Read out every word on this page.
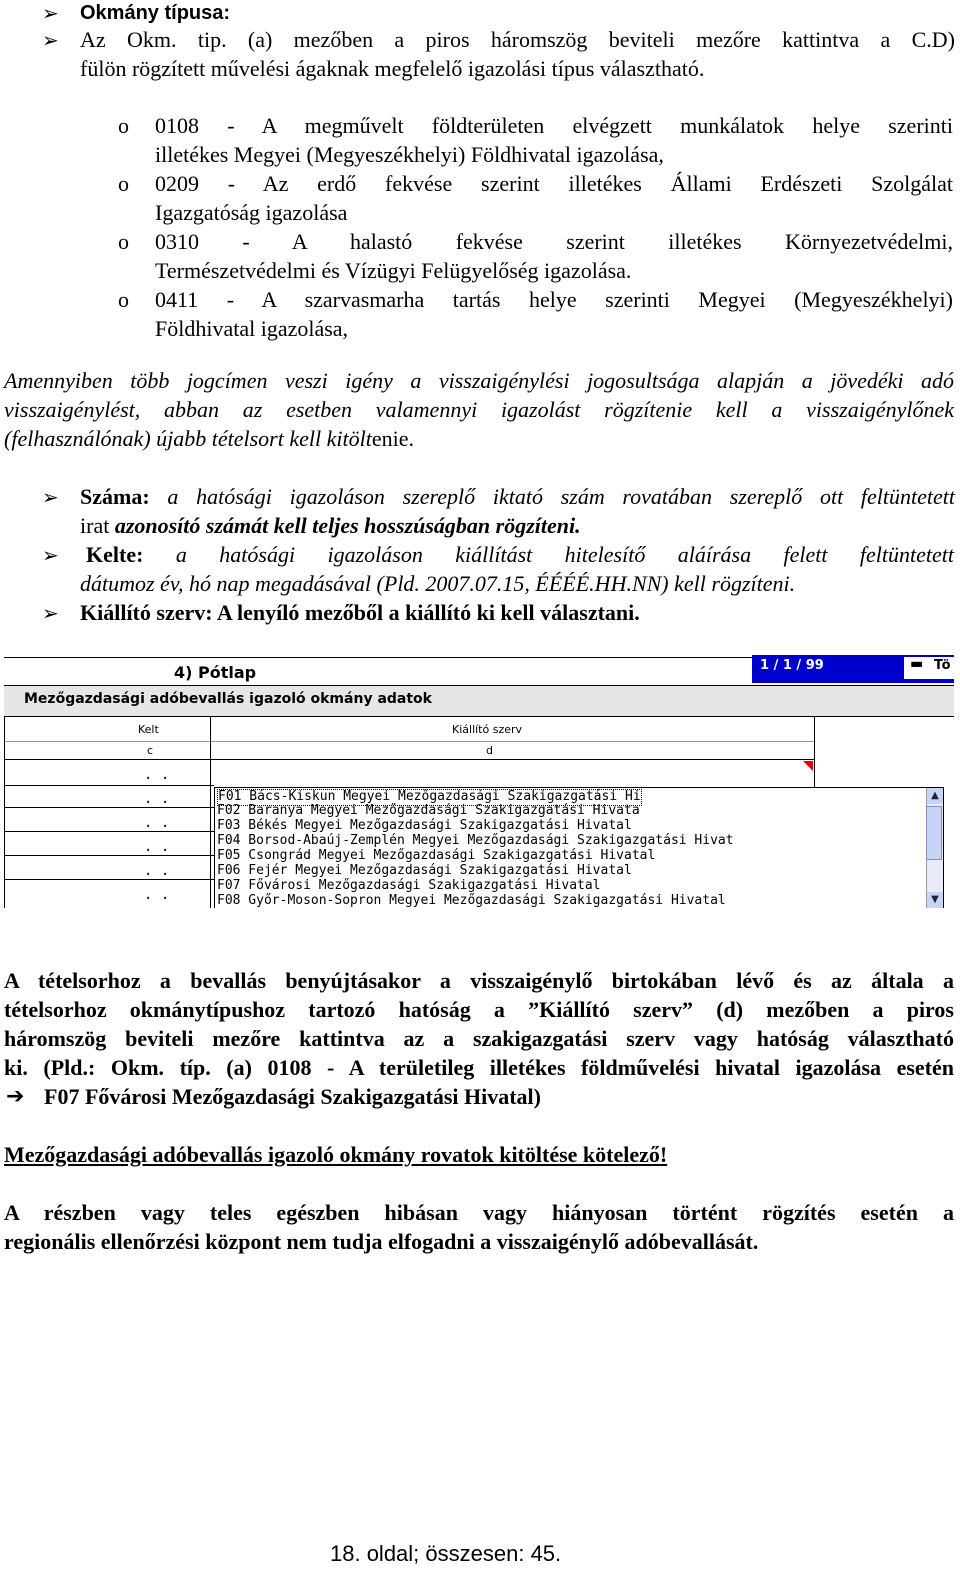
➢ Okmány típusa:
➢ Az Okm. tip. (a) mezőben a piros háromszög beviteli mezőre kattintva a C.D)
fülön rögzített művelési ágaknak megfelelő igazolási típus választható.
o 0108 - A megművelt földterületen elvégzett munkálatok helye szerinti
illetékes Megyei (Megyeszékhelyi) Földhivatal igazolása,
o 0209 - Az erdő fekvése szerint illetékes Állami Erdészeti Szolgálat
Igazgatóság igazolása
o 0310 - A halastó fekvése szerint illetékes Környezetvédelmi,
Természetvédelmi és Vízügyi Felügyelőség igazolása.
o 0411 - A szarvasmarha tartás helye szerinti Megyei (Megyeszékhelyi)
Földhivatal igazolása,
Amennyiben több jogcímen veszi igény a visszaigénylési jogosultsága alapján a jövedéki adó
visszaigénylést, abban az esetben valamennyi igazolást rögzítenie kell a visszaigénylőnek
(felhasználónak) újabb tételsort kell kitöltenie.
➢ Száma: a hatósági igazoláson szereplő iktató szám rovatában szereplő ott feltüntetett
irat azonosító számát kell teljes hosszúságban rögzíteni.
➢ Kelte: a hatósági igazoláson kiállítást hitelesítő aláírása felett feltüntetett
dátumoz év, hó nap megadásával (Pld. 2007.07.15, ÉÉÉÉ.HH.NN) kell rögzíteni.
➢ Kiállító szerv: A lenyíló mezőből a kiállító ki kell választani.
1 / 1 / 99	▬ Tö
4) Pótlap
Mezőgazdasági adóbevallás igazoló okmány adatok
Kelt	Kiállító szerv
c	d
. .
. .
. .
. .
. .
. .
F01 Bács-Kiskun Megyei Mezőgazdasági Szakigazgatási Hi
F02 Baranya Megyei Mezőgazdasági Szakigazgatási Hivata
F03 Békés Megyei Mezőgazdasági Szakigazgatási Hivatal
F04 Borsod-Abaúj-Zemplén Megyei Mezőgazdasági Szakigazgatási Hivat
F05 Csongrád Megyei Mezőgazdasági Szakigazgatási Hivatal
F06 Fejér Megyei Mezőgazdasági Szakigazgatási Hivatal
F07 Fővárosi Mezőgazdasági Szakigazgatási Hivatal
F08 Győr-Moson-Sopron Megyei Mezőgazdasági Szakigazgatási Hivatal
▲
▼
A tételsorhoz a bevallás benyújtásakor a visszaigénylő birtokában lévő és az általa a
tételsorhoz okmánytípushoz tartozó hatóság a ”Kiállító szerv” (d) mezőben a piros
háromszög beviteli mezőre kattintva az a szakigazgatási szerv vagy hatóság választható
ki. (Pld.: Okm. típ. (a) 0108 - A területileg illetékes földművelési hivatal igazolása esetén
➔ F07 Fővárosi Mezőgazdasági Szakigazgatási Hivatal)
Mezőgazdasági adóbevallás igazoló okmány rovatok kitöltése kötelező!
A részben vagy teles egészben hibásan vagy hiányosan történt rögzítés esetén a
regionális ellenőrzési központ nem tudja elfogadni a visszaigénylő adóbevallását.
18. oldal; összesen: 45.
